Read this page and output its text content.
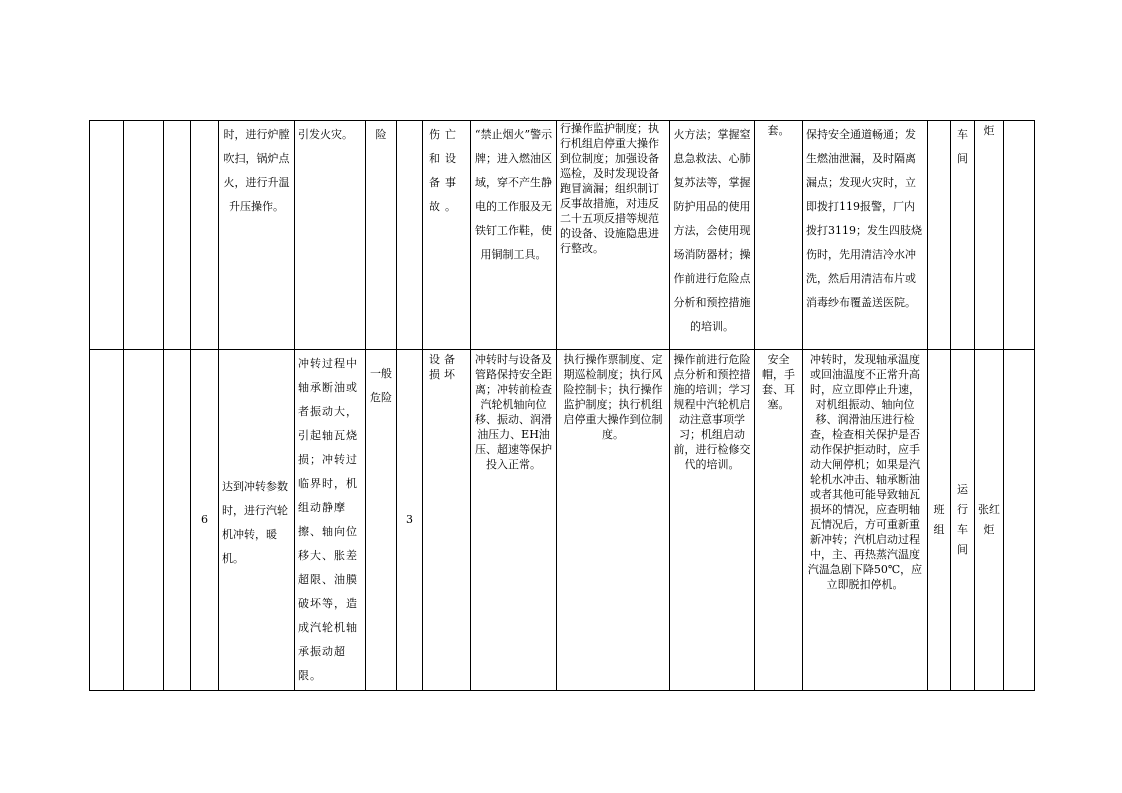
				时，进行炉膛吹扫，锅炉点火，进行升温升压操作。	引发火灾。	险		伤亡和设备事故。	“禁止烟火”警示牌；进入燃油区域，穿不产生静电的工作服及无铁钉工作鞋，使用铜制工具。	行操作监护制度；执行机组启停重大操作到位制度；加强设备巡检，及时发现设备跑冒滴漏；组织制订反事故措施，对违反二十五项反措等规范的设备、设施隐患进行整改。	火方法；掌握窒息急救法、心肺复苏法等，掌握防护用品的使用方法，会使用现场消防器材；操作前进行危险点分析和预控措施的培训。	套。	保持安全通道畅通；发生燃油泄漏，及时隔离漏点；发现火灾时，立即拨打119报警，厂内拨打3119；发生四肢烧伤时，先用清洁冷水冲洗，然后用清洁布片或消毒纱布覆盖送医院。		车间	炬	
			6	达到冲转参数时，进行汽轮机冲转，暖机。	冲转过程中轴承断油或者振动大，引起轴瓦烧损；冲转过临界时，机组动静摩擦、轴向位移大、胀差超限、油膜破坏等，造成汽轮机轴承振动超限。	一般危险	3	设备损坏	冲转时与设备及管路保持安全距离；冲转前检查汽轮机轴向位移、振动、润滑油压力、EH油压、超速等保护投入正常。	执行操作票制度、定期巡检制度；执行风险控制卡；执行操作监护制度；执行机组启停重大操作到位制度。	操作前进行危险点分析和预控措施的培训；学习规程中汽轮机启动注意事项学习；机组启动前，进行检修交代的培训。	安全帽，手套、耳塞。	冲转时，发现轴承温度或回油温度不正常升高时，应立即停止升速，对机组振动、轴向位移、润滑油压进行检查，检查相关保护是否动作保护拒动时，应手动大闸停机；如果是汽轮机水冲击、轴承断油或者其他可能导致轴瓦损坏的情况，应查明轴瓦情况后，方可重新重新冲转；汽机启动过程中，主、再热蒸汽温度汽温急剧下降50℃，应立即脱扣停机。	班组	运行车间	张红炬	
